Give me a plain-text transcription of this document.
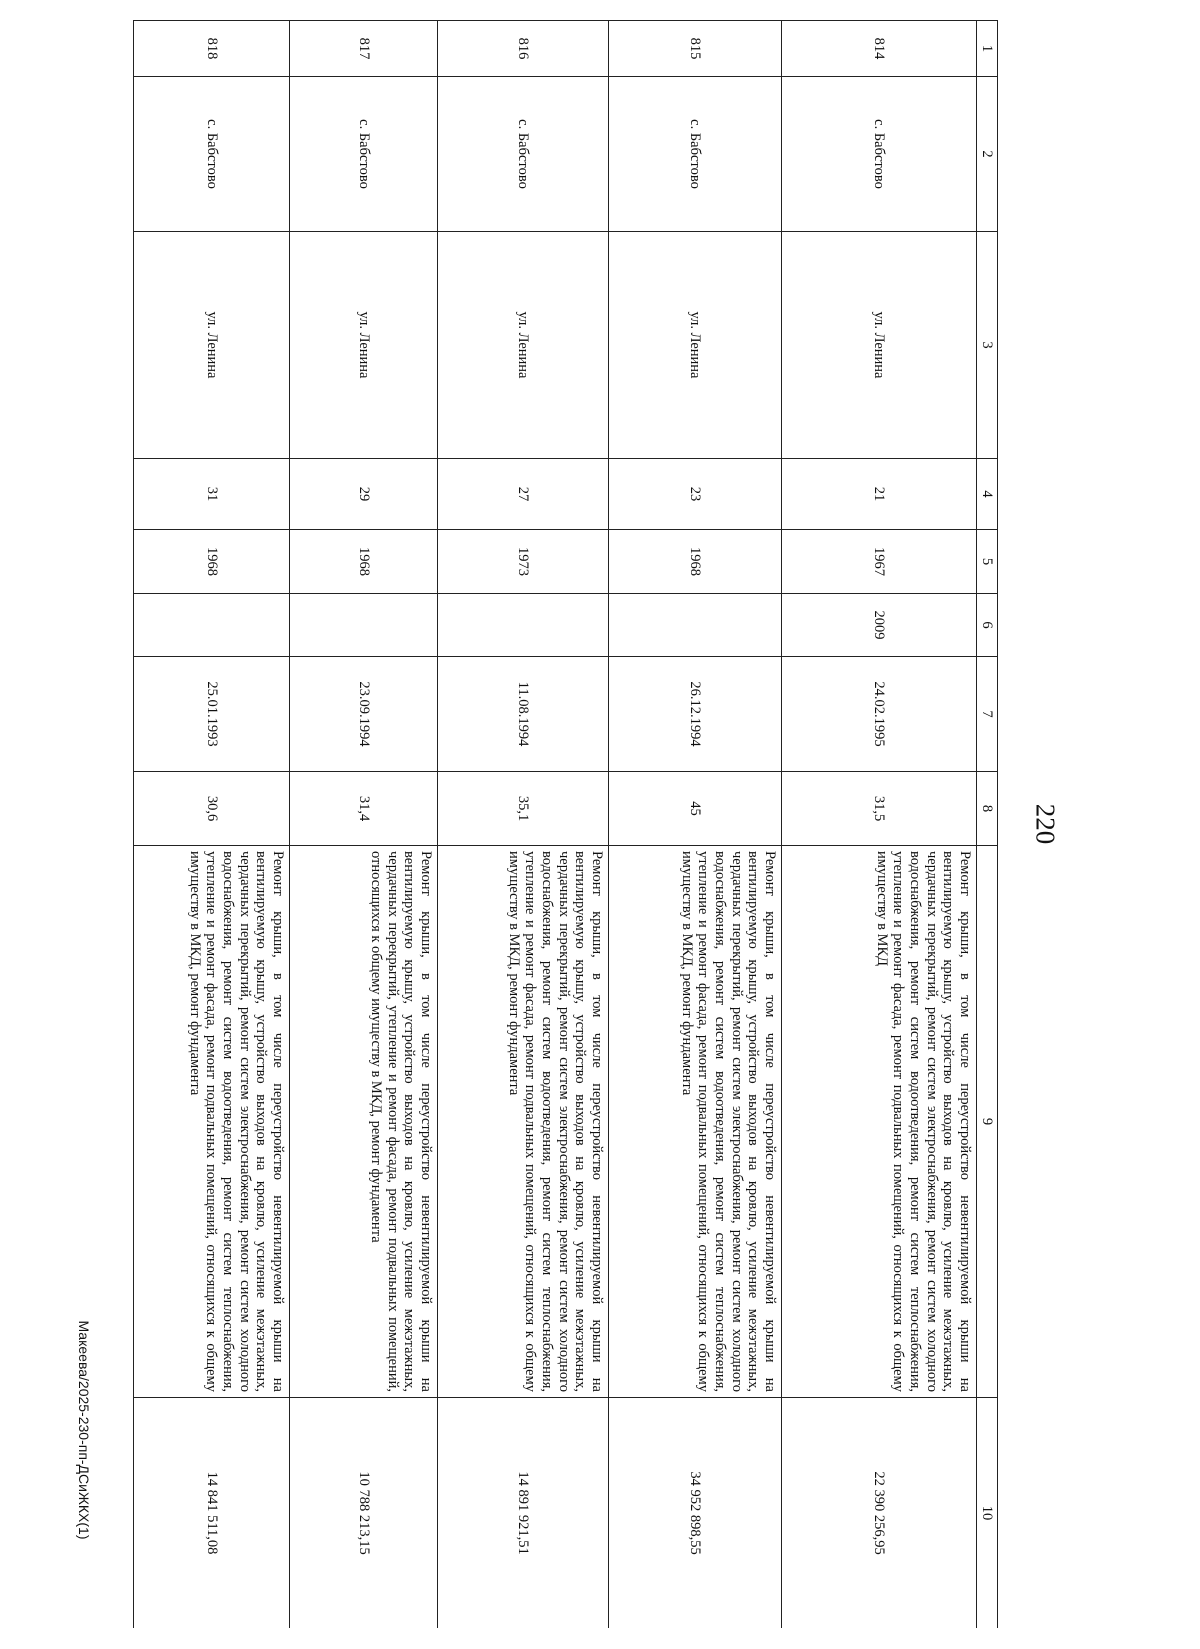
220
1	2	3	4	5	6	7	8	9	10
814	с. Бабстово	ул. Ленина	21	1967	2009	24.02.1995	31,5	Ремонт крыши, в том числе переустройство невентилируемой крыши на вентилируемую крышу, устройство выходов на кровлю, усиление межэтажных, чердачных перекрытий, ремонт систем электроснабжения, ремонт систем холодного водоснабжения, ремонт систем водоотведения, ремонт систем теплоснабжения, утепление и ремонт фасада, ремонт подвальных помещений, относящихся к общему имуществу в МКД	22 390 256,95
815	с. Бабстово	ул. Ленина	23	1968		26.12.1994	45	Ремонт крыши, в том числе переустройство невентилируемой крыши на вентилируемую крышу, устройство выходов на кровлю, усиление межэтажных, чердачных перекрытий, ремонт систем электроснабжения, ремонт систем холодного водоснабжения, ремонт систем водоотведения, ремонт систем теплоснабжения, утепление и ремонт фасада, ремонт подвальных помещений, относящихся к общему имуществу в МКД, ремонт фундамента	34 952 898,55
816	с. Бабстово	ул. Ленина	27	1973		11.08.1994	35,1	Ремонт крыши, в том числе переустройство невентилируемой крыши на вентилируемую крышу, устройство выходов на кровлю, усиление межэтажных, чердачных перекрытий, ремонт систем электроснабжения, ремонт систем холодного водоснабжения, ремонт систем водоотведения, ремонт систем теплоснабжения, утепление и ремонт фасада, ремонт подвальных помещений, относящихся к общему имуществу в МКД, ремонт фундамента	14 891 921,51
817	с. Бабстово	ул. Ленина	29	1968		23.09.1994	31,4	Ремонт крыши, в том числе переустройство невентилируемой крыши на вентилируемую крышу, устройство выходов на кровлю, усиление межэтажных, чердачных перекрытий, утепление и ремонт фасада, ремонт подвальных помещений, относящихся к общему имуществу в МКД, ремонт фундамента	10 788 213,15
818	с. Бабстово	ул. Ленина	31	1968		25.01.1993	30,6	Ремонт крыши, в том числе переустройство невентилируемой крыши на вентилируемую крышу, устройство выходов на кровлю, усиление межэтажных, чердачных перекрытий, ремонт систем электроснабжения, ремонт систем холодного водоснабжения, ремонт систем водоотведения, ремонт систем теплоснабжения, утепление и ремонт фасада, ремонт подвальных помещений, относящихся к общему имуществу в МКД, ремонт фундамента	14 841 511,08
Макеева/2025-230-пп-ДСиЖКХ(1)
